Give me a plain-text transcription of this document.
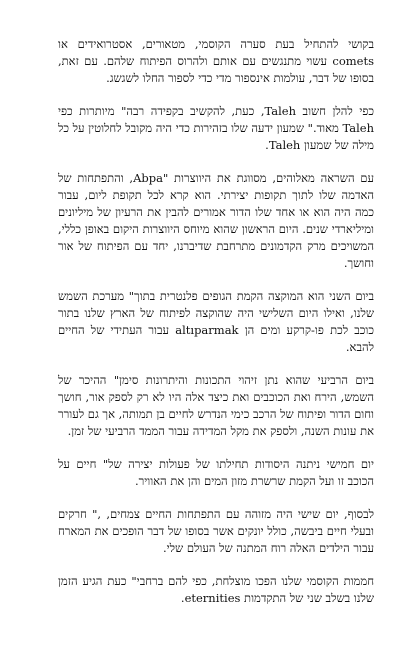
בקושי להתחיל בעת סערה הקוסמי, מטאורים, אסטרואידים או comets עשוי מתנגשים עם אותם ולהרוס הפיתוח שלהם. עם זאת, בסופו של דבר, עולמות אינספור מדי כדי לספור החלו לשגשג.

כפי להלן חשוב Taleh, כעת, להקשיב בקפידה רבה" מיותרות כפי Taleh מאוד." שמעון ידעה שלו בזהירות כדי היה מקובל לחלוטין על כל מילה של שמעון Taleh.

עם השראה מאלוהים, מסווגת את היווצרות "Abpa, והתפתחות של האדמה שלו לתוך תקופות יצירתי. הוא קרא לכל תקופת ליום, עבור כמה היה הוא או אחד שלו הדור אמורים להבין את הרעיון של מיליונים ומיליארדי שנים. היום הראשון שהוא מיוחס היווצרות היקום באופן כללי, המשויכים מרק הקדמונים מתרחבת שדיברנו, יחד עם הפיתוח של אור וחושך.

ביום השני הוא המוקצה הקמת הגופים פלנטרית בתוך" מערכת השמש שלנו, ואילו היום השלישי היה שהוקצה לפיתוח של הארץ שלנו בתור כוכב לכת פו-קרקע ומים הן altıparmak עבור העתידי של החיים להבא.

ביום הרביעי שהוא נתן זיהוי התכונות והיתרונות סימן" ההיכר של השמש, הירח ואת הכוכבים ואת כיצד אלה היו לא רק לספק אור, חושך וחום הדור ופיתוח של הרכב כימי הנדרש לחיים בן תמותה, אך גם לעורר את עונות השנה, ולספק את מקל המדידה עבור הממד הרביעי של זמן.

יום חמישי ניתנה היסודות תחילתו של פעולות יצירה של" חיים על הכוכב זו ועל הקמת שרשרת מזון המים והן את האוויר.

לבסוף, יום שישי היה מזוהה עם התפתחות החיים צמחים, ," חרקים ובעלי חיים ביבשה, כולל יונקים אשר בסופו של דבר הופכים את המארח עבור הילדים האלה רוח המתנה של העולם שלי.

חממות הקוסמי שלנו הפכו מוצלחת, כפי להם ברחבי" כעת הגיע הזמן שלנו בשלב שני של התקדמות eternities.
